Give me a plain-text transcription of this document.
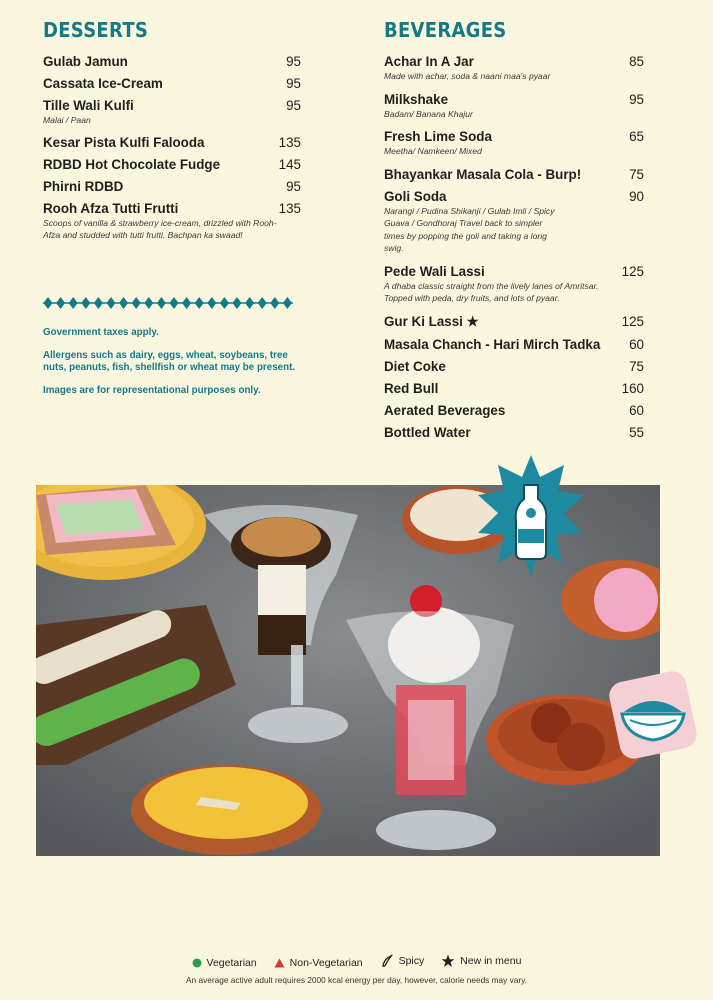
DESSERTS
Gulab Jamun	95
Cassata Ice-Cream	95
Tille Wali Kulfi	95
Malai / Paan
Kesar Pista Kulfi Falooda	135
RDBD Hot Chocolate Fudge	145
Phirni RDBD	95
Rooh Afza Tutti Frutti	135
Scoops of vanilla & strawberry ice-cream, drizzled with Rooh-Afza and studded with tutti frutti. Bachpan ka swaad!

Government taxes apply.

Allergens such as dairy, eggs, wheat, soybeans, tree nuts, peanuts, fish, shellfish or wheat may be present.

Images are for representational purposes only.

BEVERAGES
Achar In A Jar	85
Made with achar, soda & naani maa's pyaar
Milkshake	95
Badam/ Banana Khajur
Fresh Lime Soda	65
Meetha/ Namkeen/ Mixed
Bhayankar Masala Cola - Burp!	75
Goli Soda	90
Narangi / Pudina Shikanji / Gulab Imli / Spicy Guava / Gondhoraj Travel back to simpler times by popping the goli and taking a long swig.
Pede Wali Lassi	125
A dhaba classic straight from the lively lanes of Amritsar. Topped with peda, dry fruits, and lots of pyaar.
Gur Ki Lassi ★	125
Masala Chanch - Hari Mirch Tadka 60
Diet Coke	75
Red Bull	160
Aerated Beverages	60
Bottled Water	55
Vegetarian
	Non-Vegetarian
	Spicy
	New in menu
An average active adult requires 2000 kcal energy per day, however, calorie needs may vary.
